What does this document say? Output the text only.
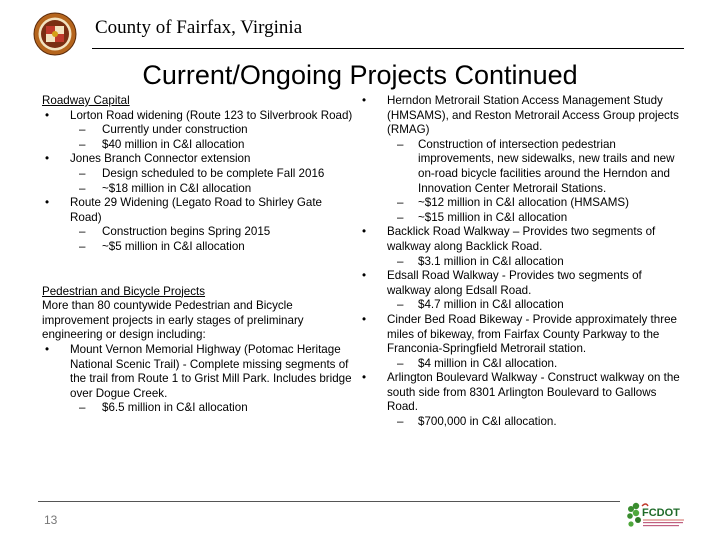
County of Fairfax, Virginia
Current/Ongoing Projects Continued
Roadway Capital
• Lorton Road widening (Route 123 to Silverbrook Road)
– Currently under construction
– $40 million in C&I allocation
• Jones Branch Connector extension
– Design scheduled to be complete Fall 2016
– ~$18 million in C&I allocation
• Route 29 Widening (Legato Road to Shirley Gate Road)
– Construction begins Spring 2015
– ~$5 million in C&I allocation
Pedestrian and Bicycle Projects

More than 80 countywide Pedestrian and Bicycle improvement projects in early stages of preliminary engineering or design including:

• Mount Vernon Memorial Highway (Potomac Heritage National Scenic Trail) - Complete missing segments of the trail from Route 1 to Grist Mill Park. Includes bridge over Dogue Creek.
– $6.5 million in C&I allocation
• Herndon Metrorail Station Access Management Study (HMSAMS), and Reston Metrorail Access Group projects (RMAG)
– Construction of intersection pedestrian improvements, new sidewalks, new trails and new on-road bicycle facilities around the Herndon and Innovation Center Metrorail Stations.
– ~$12 million in C&I allocation (HMSAMS)
– ~$15 million in C&I allocation
• Backlick Road Walkway – Provides two segments of walkway along Backlick Road.
– $3.1 million in C&I allocation
• Edsall Road Walkway - Provides two segments of walkway along Edsall Road.
– $4.7 million in C&I allocation
• Cinder Bed Road Bikeway - Provide approximately three miles of bikeway, from Fairfax County Parkway to the Franconia-Springfield Metrorail station.
– $4 million in C&I allocation.
• Arlington Boulevard Walkway - Construct walkway on the south side from 8301 Arlington Boulevard to Gallows Road.
– $700,000 in C&I allocation.
13	FCDOT
